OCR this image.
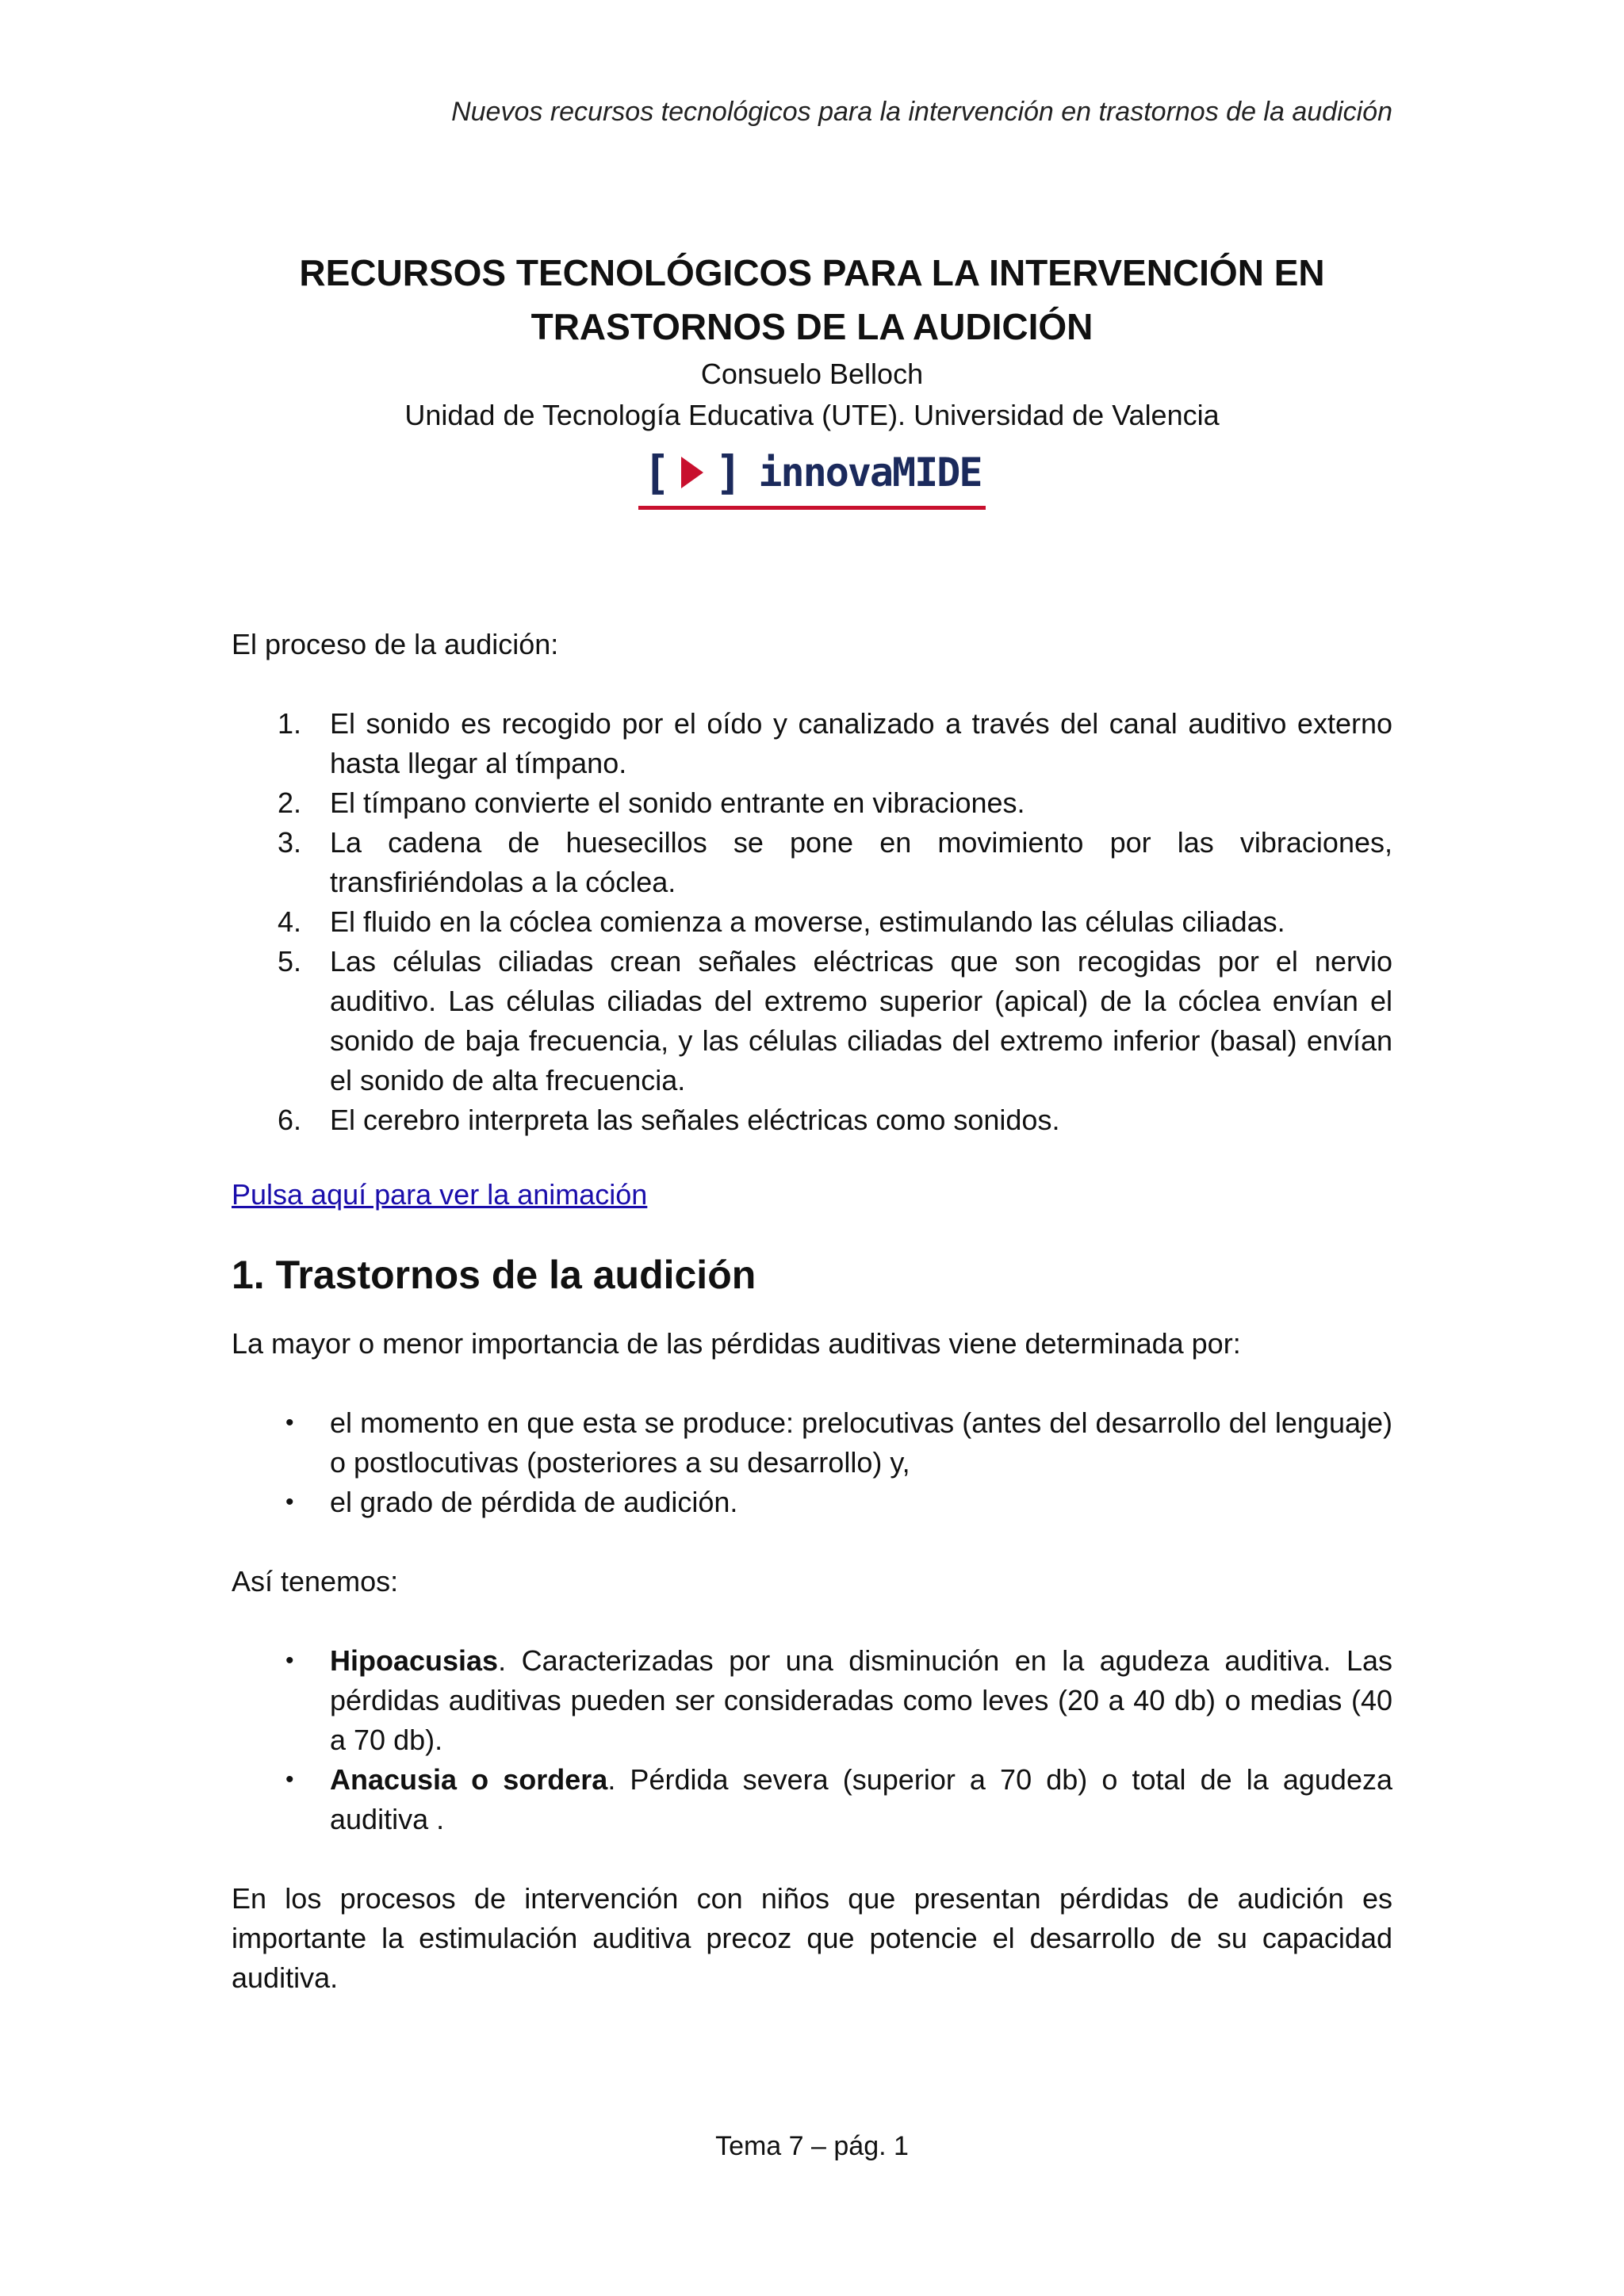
Nuevos recursos tecnológicos para la intervención en trastornos de la audición

RECURSOS TECNOLÓGICOS PARA LA INTERVENCIÓN EN

TRASTORNOS DE LA AUDICIÓN

Consuelo Belloch

Unidad de Tecnología Educativa (UTE). Universidad de Valencia

[ ] innovaMIDE

El proceso de la audición:

1. El sonido es recogido por el oído y canalizado a través del canal auditivo externo hasta llegar al tímpano.
2. El tímpano convierte el sonido entrante en vibraciones.
3. La cadena de huesecillos se pone en movimiento por las vibraciones, transfiriéndolas a la cóclea.
4. El fluido en la cóclea comienza a moverse, estimulando las células ciliadas.
5. Las células ciliadas crean señales eléctricas que son recogidas por el nervio auditivo. Las células ciliadas del extremo superior (apical) de la cóclea envían el sonido de baja frecuencia, y las células ciliadas del extremo inferior (basal) envían el sonido de alta frecuencia.
6. El cerebro interpreta las señales eléctricas como sonidos.

Pulsa aquí para ver la animación

1. Trastornos de la audición

La mayor o menor importancia de las pérdidas auditivas viene determinada por:

• el momento en que esta se produce: prelocutivas (antes del desarrollo del lenguaje) o postlocutivas (posteriores a su desarrollo) y,
• el grado de pérdida de audición.

Así tenemos:

• Hipoacusias. Caracterizadas por una disminución en la agudeza auditiva. Las pérdidas auditivas pueden ser consideradas como leves (20 a 40 db) o medias (40 a 70 db).
• Anacusia o sordera. Pérdida severa (superior a 70 db) o total de la agudeza auditiva .

En los procesos de intervención con niños que presentan pérdidas de audición es importante la estimulación auditiva precoz que potencie el desarrollo de su capacidad auditiva.

Tema 7 – pág. 1
